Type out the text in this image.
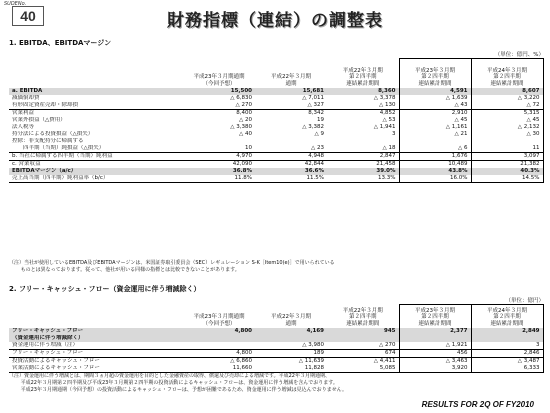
SUDENo.
40	財務指標（連結）の調整表
1. EBITDA、EBITDAマージン
（単位：億円、%）
	平成23年３月期通期
（今回予想）	平成22年３月期
通期	平成22年３月期
第２四半期
連結累計期間	平成23年３月期
第２四半期
連結累計期間	平成24年３月期
第２四半期
連結累計期間
a. EBITDA	15,500	15,681	8,360	4,591	8,607
減価償却費	△ 6,830	△ 7,011	△ 3,378	△ 1,639	△ 3,220
有形固定資産売却・除却損	△ 270	△ 327	△ 130	△ 43	△ 72
営業利益	8,400	8,342	4,852	2,910	5,315
営業外損益（△費用）	△ 20	19	△ 53	△ 45	△ 45
法人税等	△ 3,380	△ 3,382	△ 1,941	△ 1,161	△ 2,132
持分法による投資損益（△損失）	△ 40	△ 9	3	△ 21	△ 30
控除：非支配持分に帰属する					
　　四半期（当期）純損益（△損失）	10	△ 23	△ 18	△ 6	11
b. 当社に帰属する四半期（当期）純利益	4,970	4,948	2,847	1,676	3,097
c. 営業収益	42,090	42,844	21,458	10,489	21,382
EBITDAマージン（a/c）	36.8%	36.6%	39.0%	43.8%	40.3%
売上高当期（四半期）純利益率（b/c）	11.8%	11.5%	13.3%	16.0%	14.5%
（注）当社が使用しているEBITDA及びEBITDAマージンは、米国証券取引委員会（SEC）レギュレーション S-K［Item10(e)］で用いられている
　　 ものとは異なっております。従って、他社が用いる同様の指標とは比較できないことがあります。
2. フリー・キャッシュ・フロー（資金運用に伴う増減除く）
（単位：億円）
	平成23年３月期通期
（今回予想）	平成22年３月期
通期	平成22年３月期
第２四半期
連結累計期間	平成23年３月期
第２四半期
連結累計期間	平成24年３月期
第２四半期
連結累計期間
フリー・キャッシュ・フロー	4,800	4,169	945	2,377	2,849
（資金運用に伴う増減除く）					
資金運用に伴う増減（注）		△ 3,980	△ 270	△ 1,921	3
フリー・キャッシュ・フロー	4,800	189	674	456	2,846
投資活動によるキャッシュ・フロー	△ 6,860	△ 11,639	△ 4,411	△ 3,463	△ 3,487
営業活動によるキャッシュ・フロー	11,660	11,828	5,085	3,920	6,333
（注）資金運用に伴う増減とは、期間３ヵ月超の資金運用を目的とした金融資産の取得、償還及び売却による増減です。平成22年３月期通期、
　　 平成22年３月期第２四半期及び平成23年３月期第２四半期の投資活動によるキャッシュ・フローは、資金運用に伴う増減を含んでおります。
　　 平成23年３月期通期（今回予想）の投資活動によるキャッシュ・フローは、予想が困難であるため、資金運用に伴う増減は見込んでおりません。
RESULTS FOR 2Q OF FY2010
